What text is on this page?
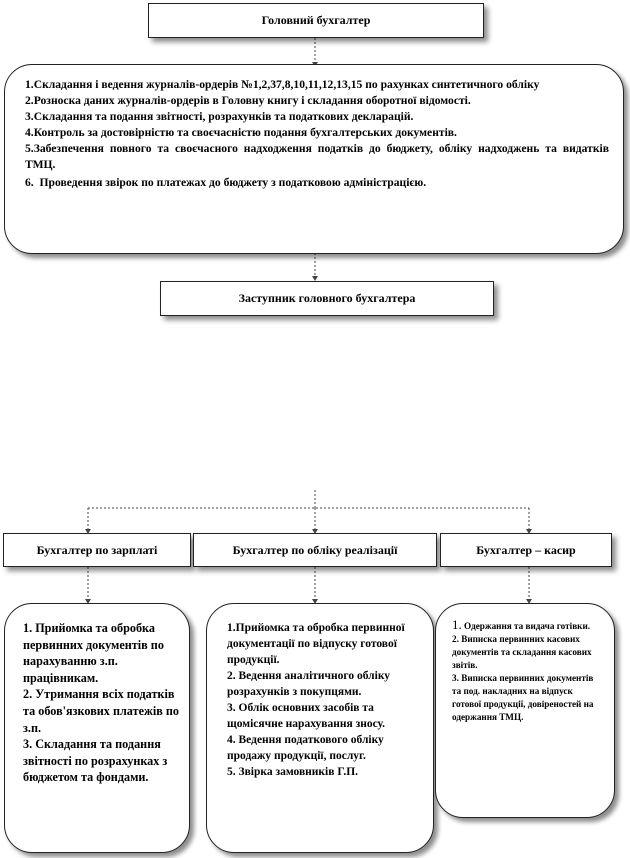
Головний бухгалтер
1.Складання і ведення журналів-ордерів №1,2,37,8,10,11,12,13,15 по рахунках синтетичного обліку
2.Розноска даних журналів-ордерів в Головну книгу і складання оборотної відомості.
3.Складання та подання звітності, розрахунків та податкових декларацій.
4.Контроль за достовірністю та своєчасністю подання бухгалтерських документів.
5.Забезпечення повного та своєчасного надходження податків до бюджету, обліку надходжень та видатків ТМЦ.
6. Проведення звірок по платежах до бюджету з податковою адміністрацією.
Заступник головного бухгалтера
Бухгалтер по зарплаті	Бухгалтер по обліку реалізації	Бухгалтер – касир
1. Прийомка та обробка первинних документів по нарахуванню з.п. працівникам.
2. Утримання всіх податків та обов'язкових платежів по з.п.
3. Складання та подання звітності по розрахунках з бюджетом та фондами.
1.Прийомка та обробка первинної документації по відпуску готової продукції.
2. Ведення аналітичного обліку розрахунків з покупцями.
3. Облік основних засобів та щомісячне нарахування зносу.
4. Ведення податкового обліку продажу продукції, послуг.
5. Звірка замовників Г.П.
1. Одержання та видача готівки.
2. Виписка первинних касових документів та складання касових звітів.
3. Виписка первинних документів та под. накладних на відпуск готової продукції, довіреностей на одержання ТМЦ.
